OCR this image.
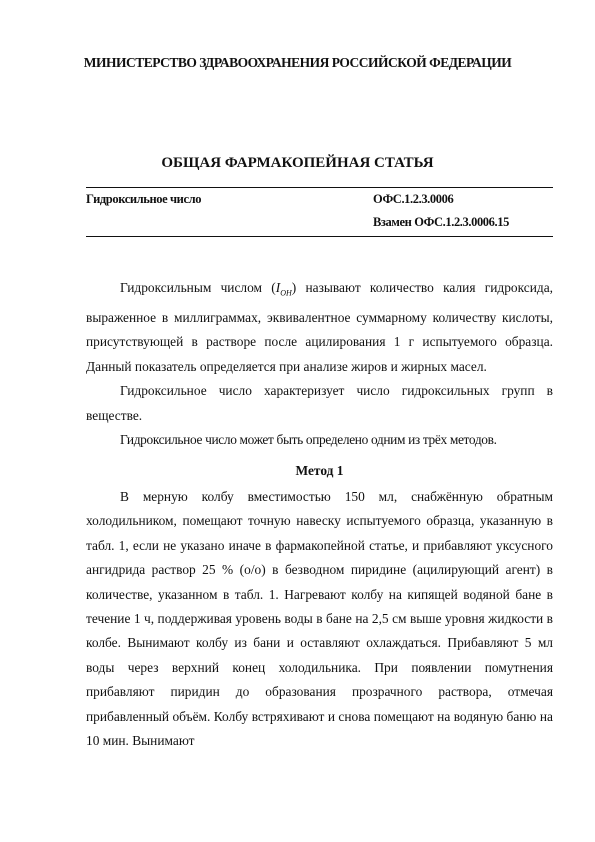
МИНИСТЕРСТВО ЗДРАВООХРАНЕНИЯ РОССИЙСКОЙ ФЕДЕРАЦИИ
ОБЩАЯ ФАРМАКОПЕЙНАЯ СТАТЬЯ
Гидроксильное число	ОФС.1.2.3.0006
Взамен ОФС.1.2.3.0006.15

Гидроксильным числом $(I_{OH})$ называют количество калия гидроксида, выраженное в миллиграммах, эквивалентное суммарному количеству кислоты, присутствующей в растворе после ацилирования 1 г испытуемого образца. Данный показатель определяется при анализе жиров и жирных масел.

Гидроксильное число характеризует число гидроксильных групп в веществе.

Гидроксильное число может быть определено одним из трёх методов.

Метод 1

В мерную колбу вместимостью 150 мл, снабжённую обратным холодильником, помещают точную навеску испытуемого образца, указанную в табл. 1, если не указано иначе в фармакопейной статье, и прибавляют уксусного ангидрида раствор 25 % (о/о) в безводном пиридине (ацилирующий агент) в количестве, указанном в табл. 1. Нагревают колбу на кипящей водяной бане в течение 1 ч, поддерживая уровень воды в бане на 2,5 см выше уровня жидкости в колбе. Вынимают колбу из бани и оставляют охлаждаться. Прибавляют 5 мл воды через верхний конец холодильника. При появлении помутнения прибавляют пиридин до образования прозрачного раствора, отмечая прибавленный объём. Колбу встряхивают и снова помещают на водяную баню на 10 мин. Вынимают
